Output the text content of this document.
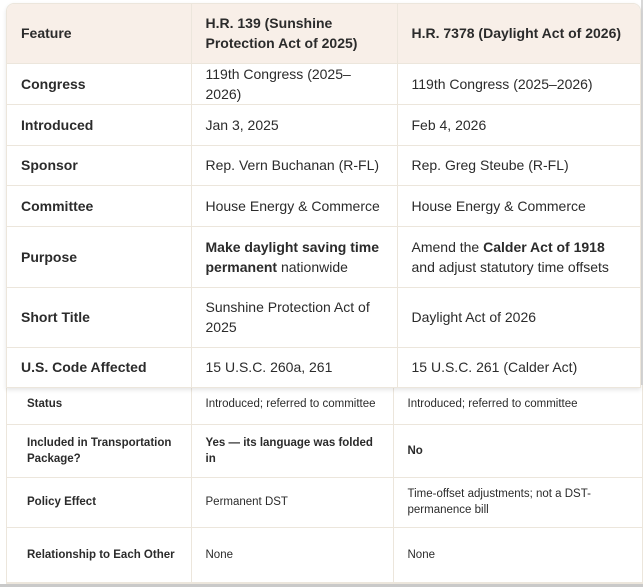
Feature	H.R. 139 (Sunshine Protection Act of 2025)	H.R. 7378 (Daylight Act of 2026)
Congress	119th Congress (2025–2026)	119th Congress (2025–2026)
Introduced	Jan 3, 2025	Feb 4, 2026
Sponsor	Rep. Vern Buchanan (R-FL)	Rep. Greg Steube (R-FL)
Committee	House Energy & Commerce	House Energy & Commerce
Purpose	Make daylight saving time permanent nationwide	Amend the Calder Act of 1918 and adjust statutory time offsets
Short Title	Sunshine Protection Act of 2025	Daylight Act of 2026
U.S. Code Affected	15 U.S.C. 260a, 261	15 U.S.C. 261 (Calder Act)
Status	Introduced; referred to committee	Introduced; referred to committee
Included in Transportation Package?	Yes — its language was folded in	No
Policy Effect	Permanent DST	Time-offset adjustments; not a DST-permanence bill
Relationship to Each Other	None	None
